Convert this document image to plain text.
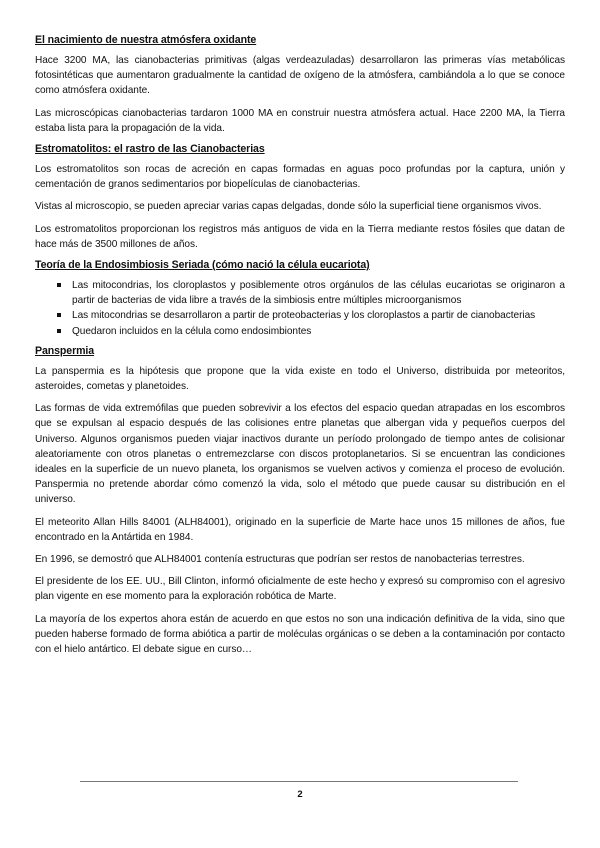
El nacimiento de nuestra atmósfera oxidante

Hace 3200 MA, las cianobacterias primitivas (algas verdeazuladas) desarrollaron las primeras vías metabólicas fotosintéticas que aumentaron gradualmente la cantidad de oxígeno de la atmósfera, cambiándola a lo que se conoce como atmósfera oxidante.

Las microscópicas cianobacterias tardaron 1000 MA en construir nuestra atmósfera actual. Hace 2200 MA, la Tierra estaba lista para la propagación de la vida.

Estromatolitos: el rastro de las Cianobacterias

Los estromatolitos son rocas de acreción en capas formadas en aguas poco profundas por la captura, unión y cementación de granos sedimentarios por biopelículas de cianobacterias.

Vistas al microscopio, se pueden apreciar varias capas delgadas, donde sólo la superficial tiene organismos vivos.

Los estromatolitos proporcionan los registros más antiguos de vida en la Tierra mediante restos fósiles que datan de hace más de 3500 millones de años.

Teoría de la Endosimbiosis Seriada (cómo nació la célula eucariota)
Las mitocondrias, los cloroplastos y posiblemente otros orgánulos de las células eucariotas se originaron a partir de bacterias de vida libre a través de la simbiosis entre múltiples microorganismos
Las mitocondrias se desarrollaron a partir de proteobacterias y los cloroplastos a partir de cianobacterias
Quedaron incluidos en la célula como endosimbiontes
Panspermia

La panspermia es la hipótesis que propone que la vida existe en todo el Universo, distribuida por meteoritos, asteroides, cometas y planetoides.

Las formas de vida extremófilas que pueden sobrevivir a los efectos del espacio quedan atrapadas en los escombros que se expulsan al espacio después de las colisiones entre planetas que albergan vida y pequeños cuerpos del Universo. Algunos organismos pueden viajar inactivos durante un período prolongado de tiempo antes de colisionar aleatoriamente con otros planetas o entremezclarse con discos protoplanetarios. Si se encuentran las condiciones ideales en la superficie de un nuevo planeta, los organismos se vuelven activos y comienza el proceso de evolución. Panspermia no pretende abordar cómo comenzó la vida, solo el método que puede causar su distribución en el universo.

El meteorito Allan Hills 84001 (ALH84001), originado en la superficie de Marte hace unos 15 millones de años, fue encontrado en la Antártida en 1984.

En 1996, se demostró que ALH84001 contenía estructuras que podrían ser restos de nanobacterias terrestres.

El presidente de los EE. UU., Bill Clinton, informó oficialmente de este hecho y expresó su compromiso con el agresivo plan vigente en ese momento para la exploración robótica de Marte.

La mayoría de los expertos ahora están de acuerdo en que estos no son una indicación definitiva de la vida, sino que pueden haberse formado de forma abiótica a partir de moléculas orgánicas o se deben a la contaminación por contacto con el hielo antártico. El debate sigue en curso…

2
